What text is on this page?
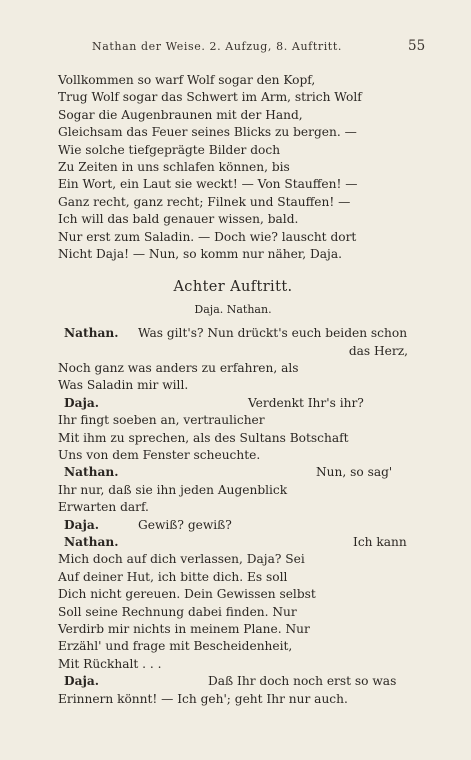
Nathan der Weise. 2. Aufzug, 8. Auftritt.	55
Vollkommen so warf Wolf sogar den Kopf,
Trug Wolf sogar das Schwert im Arm, strich Wolf
Sogar die Augenbraunen mit der Hand,
Gleichsam das Feuer seines Blicks zu bergen. —
Wie solche tiefgeprägte Bilder doch
Zu Zeiten in uns schlafen können, bis
Ein Wort, ein Laut sie weckt! — Von Stauffen! —
Ganz recht, ganz recht; Filnek und Stauffen! —
Ich will das bald genauer wissen, bald.
Nur erst zum Saladin. — Doch wie? lauscht dort
Nicht Daja! — Nun, so komm nur näher, Daja.
Achter Auftritt.
Daja. Nathan.
Nathan. Was gilt's? Nun drückt's euch beiden schon
das Herz,
Noch ganz was anders zu erfahren, als
Was Saladin mir will.
Daja.	Verdenkt Ihr's ihr?
Ihr fingt soeben an, vertraulicher
Mit ihm zu sprechen, als des Sultans Botschaft
Uns von dem Fenster scheuchte.
Nathan.	Nun, so sag'
Ihr nur, daß sie ihn jeden Augenblick
Erwarten darf.
Daja.	Gewiß? gewiß?
Nathan.	Ich kann
Mich doch auf dich verlassen, Daja? Sei
Auf deiner Hut, ich bitte dich. Es soll
Dich nicht gereuen. Dein Gewissen selbst
Soll seine Rechnung dabei finden. Nur
Verdirb mir nichts in meinem Plane. Nur
Erzähl' und frage mit Bescheidenheit,
Mit Rückhalt . . .
Daja.	Daß Ihr doch noch erst so was
Erinnern könnt! — Ich geh'; geht Ihr nur auch.
